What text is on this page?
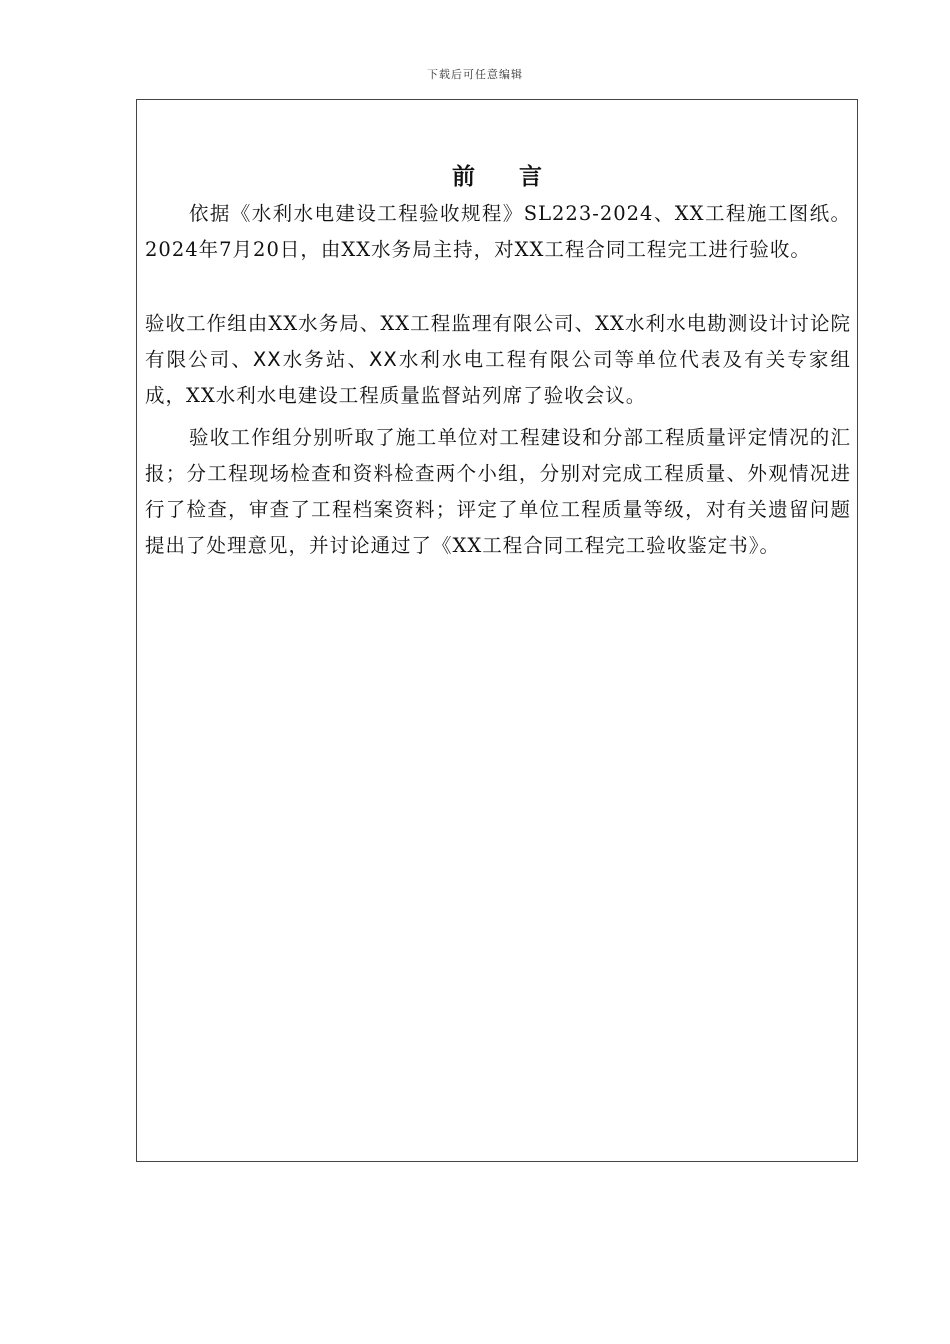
下载后可任意编辑
前 言

依据《水利水电建设工程验收规程》SL223-2024、XX工程施工图纸。2024年7月20日，由XX水务局主持，对XX工程合同工程完工进行验收。

验收工作组由XX水务局、XX工程监理有限公司、XX水利水电勘测设计讨论院有限公司、XX水务站、XX水利水电工程有限公司等单位代表及有关专家组成，XX水利水电建设工程质量监督站列席了验收会议。

验收工作组分别听取了施工单位对工程建设和分部工程质量评定情况的汇报；分工程现场检查和资料检查两个小组，分别对完成工程质量、外观情况进行了检查，审查了工程档案资料；评定了单位工程质量等级，对有关遗留问题提出了处理意见，并讨论通过了《XX工程合同工程完工验收鉴定书》。
